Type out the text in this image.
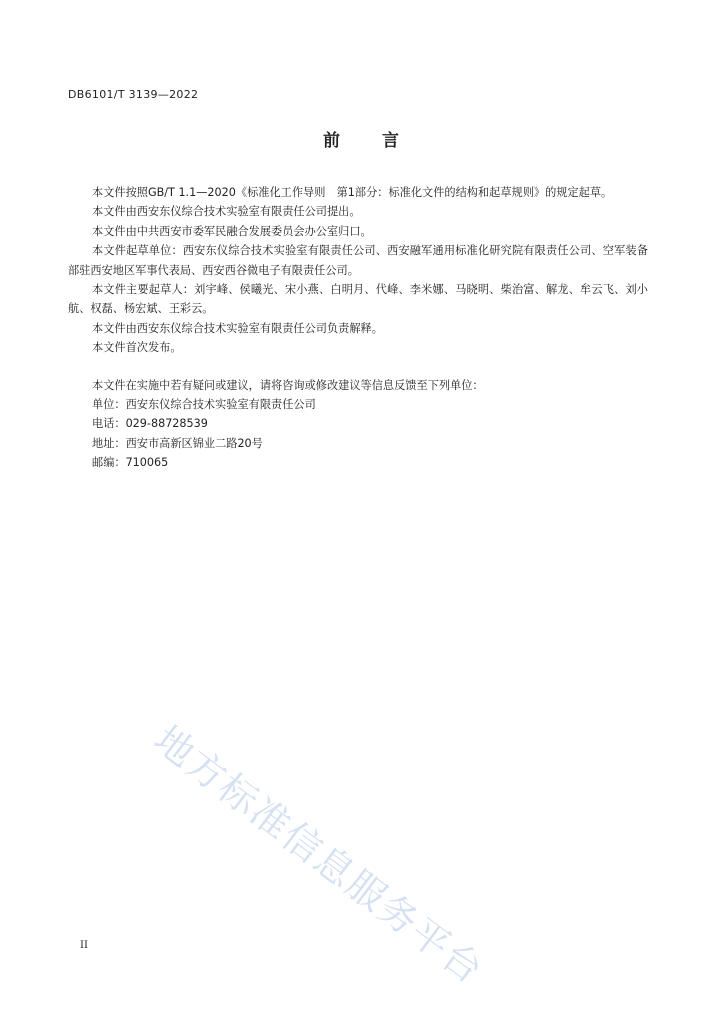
DB6101/T 3139—2022
前 言

本文件按照GB/T 1.1—2020《标准化工作导则　第1部分：标准化文件的结构和起草规则》的规定起草。

本文件由西安东仪综合技术实验室有限责任公司提出。

本文件由中共西安市委军民融合发展委员会办公室归口。

本文件起草单位：西安东仪综合技术实验室有限责任公司、西安融军通用标准化研究院有限责任公司、空军装备部驻西安地区军事代表局、西安西谷微电子有限责任公司。

本文件主要起草人：刘宇峰、侯曦光、宋小燕、白明月、代峰、李米娜、马晓明、柴治富、解龙、牟云飞、刘小航、权磊、杨宏斌、王彩云。

本文件由西安东仪综合技术实验室有限责任公司负责解释。

本文件首次发布。

本文件在实施中若有疑问或建议，请将咨询或修改建议等信息反馈至下列单位：

单位：西安东仪综合技术实验室有限责任公司

电话：029-88728539

地址：西安市高新区锦业二路20号

邮编：710065

地方标准信息服务平台
II
